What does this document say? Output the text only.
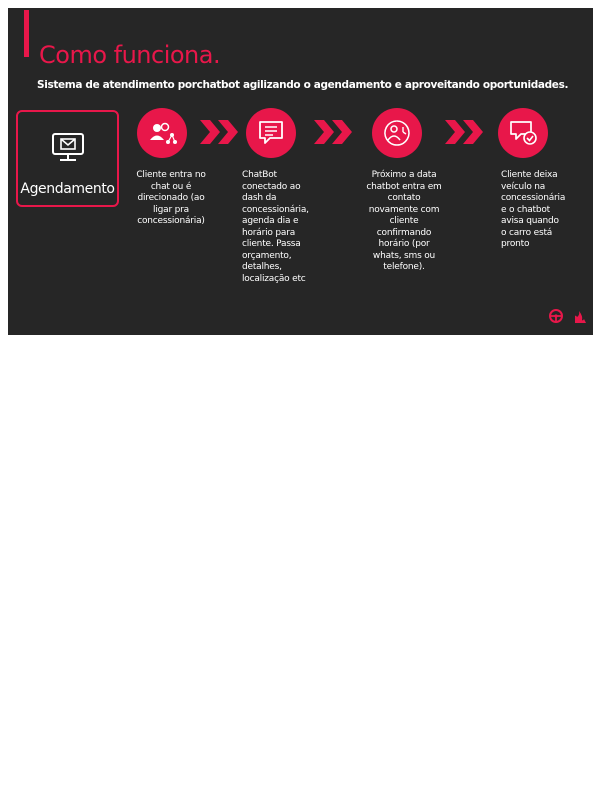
Como funciona.
Sistema de atendimento porchatbot agilizando o agendamento e aproveitando oportunidades.
Agendamento
Cliente entra no
chat ou é
direcionado (ao
ligar pra
concessionária)
ChatBot
conectado ao
dash da
concessionária,
agenda dia e
horário para
cliente. Passa
orçamento,
detalhes,
localização etc
Próximo a data
chatbot entra em
contato
novamente com
cliente
confirmando
horário (por
whats, sms ou
telefone).
Cliente deixa
veículo na
concessionária
e o chatbot
avisa quando
o carro está
pronto
